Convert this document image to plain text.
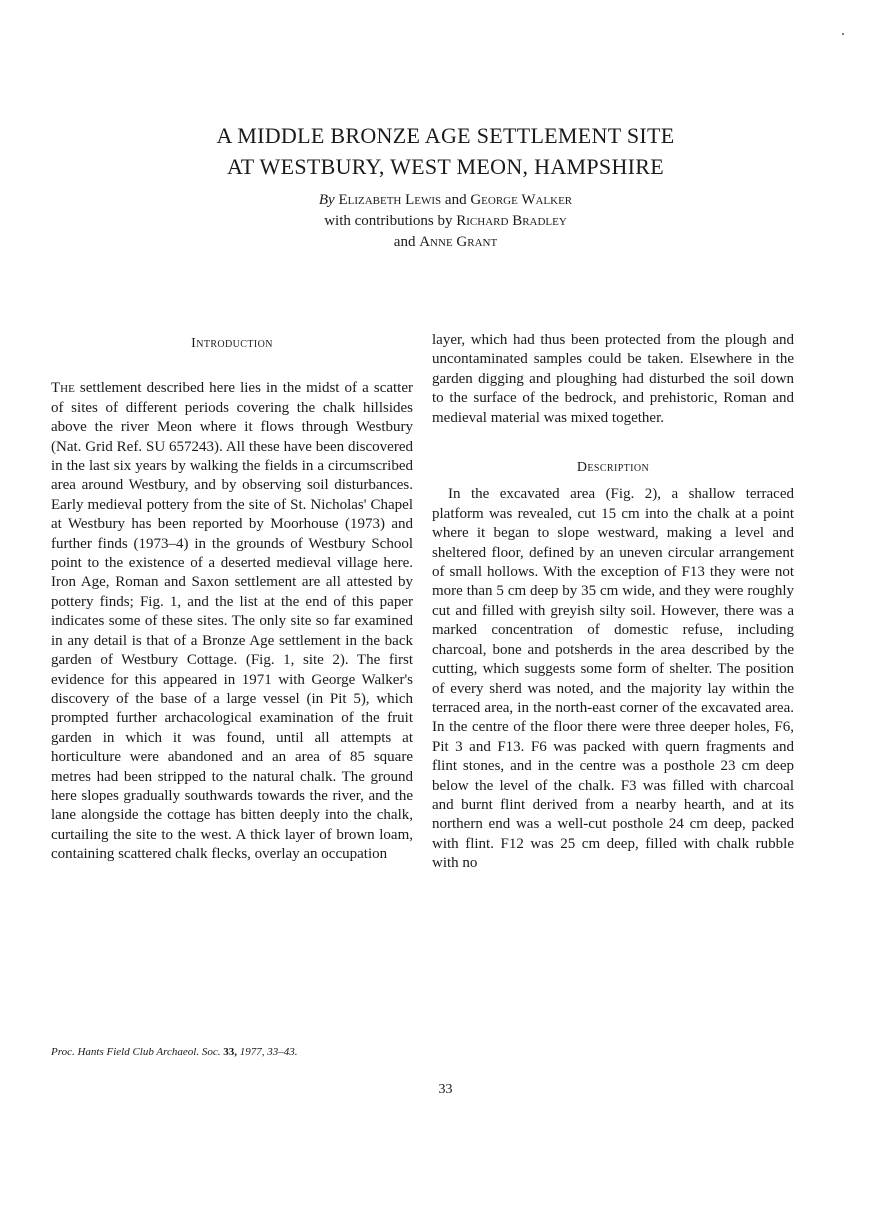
A MIDDLE BRONZE AGE SETTLEMENT SITE
AT WESTBURY, WEST MEON, HAMPSHIRE
By Elizabeth Lewis and George Walker
with contributions by Richard Bradley
and Anne Grant
Introduction

The settlement described here lies in the midst of a scatter of sites of different periods covering the chalk hillsides above the river Meon where it flows through Westbury (Nat. Grid Ref. SU 657243). All these have been discovered in the last six years by walking the fields in a circumscribed area around Westbury, and by observing soil disturbances. Early medieval pottery from the site of St. Nicholas' Chapel at Westbury has been reported by Moorhouse (1973) and further finds (1973–4) in the grounds of Westbury School point to the existence of a deserted medieval village here. Iron Age, Roman and Saxon settlement are all attested by pottery finds; Fig. 1, and the list at the end of this paper indicates some of these sites. The only site so far examined in any detail is that of a Bronze Age settlement in the back garden of Westbury Cottage. (Fig. 1, site 2). The first evidence for this appeared in 1971 with George Walker's discovery of the base of a large vessel (in Pit 5), which prompted further archacological examination of the fruit garden in which it was found, until all attempts at horticulture were abandoned and an area of 85 square metres had been stripped to the natural chalk. The ground here slopes gradually southwards towards the river, and the lane alongside the cottage has bitten deeply into the chalk, curtailing the site to the west. A thick layer of brown loam, containing scattered chalk flecks, overlay an occupation

layer, which had thus been protected from the plough and uncontaminated samples could be taken. Elsewhere in the garden digging and ploughing had disturbed the soil down to the surface of the bedrock, and prehistoric, Roman and medieval material was mixed together.

Description

In the excavated area (Fig. 2), a shallow terraced platform was revealed, cut 15 cm into the chalk at a point where it began to slope westward, making a level and sheltered floor, defined by an uneven circular arrangement of small hollows. With the exception of F13 they were not more than 5 cm deep by 35 cm wide, and they were roughly cut and filled with greyish silty soil. However, there was a marked concentration of domestic refuse, including charcoal, bone and potsherds in the area described by the cutting, which suggests some form of shelter. The position of every sherd was noted, and the majority lay within the terraced area, in the north-east corner of the excavated area. In the centre of the floor there were three deeper holes, F6, Pit 3 and F13. F6 was packed with quern fragments and flint stones, and in the centre was a posthole 23 cm deep below the level of the chalk. F3 was filled with charcoal and burnt flint derived from a nearby hearth, and at its northern end was a well-cut posthole 24 cm deep, packed with flint. F12 was 25 cm deep, filled with chalk rubble with no

Proc. Hants Field Club Archaeol. Soc. 33, 1977, 33–43.
33
